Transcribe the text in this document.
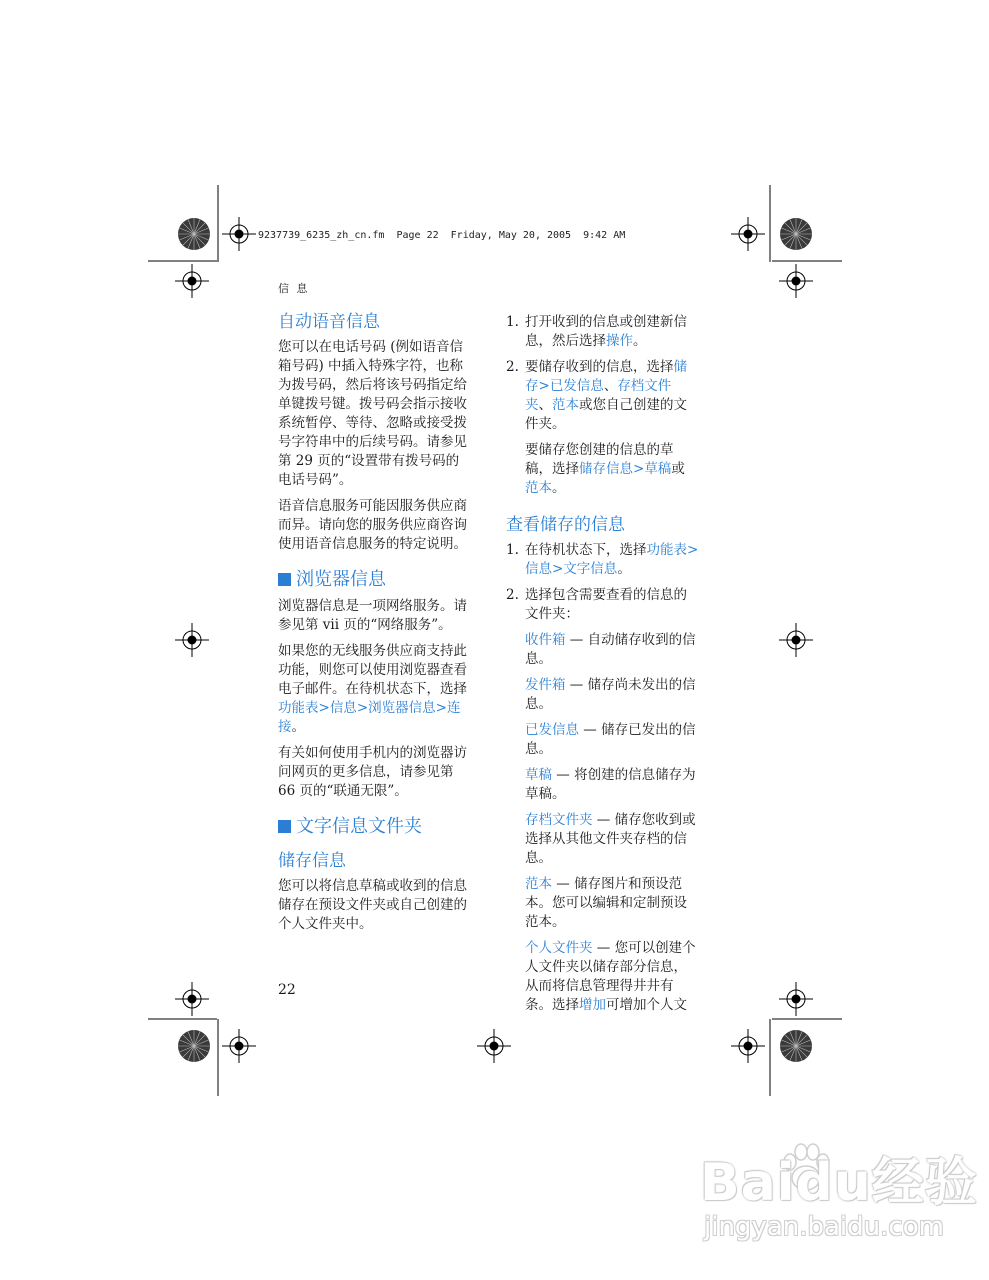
9237739_6235_zh_cn.fm  Page 22  Friday, May 20, 2005  9:42 AM
信 息
自动语音信息
您可以在电话号码 (例如语音信
箱号码) 中插入特殊字符，也称
为拨号码，然后将该号码指定给
单键拨号键。拨号码会指示接收
系统暂停、等待、忽略或接受拨
号字符串中的后续号码。请参见
第 29 页的“设置带有拨号码的
电话号码”。
语音信息服务可能因服务供应商
而异。请向您的服务供应商咨询
使用语音信息服务的特定说明。
浏览器信息
浏览器信息是一项网络服务。请
参见第 vii 页的“网络服务”。
如果您的无线服务供应商支持此
功能，则您可以使用浏览器查看
电子邮件。在待机状态下，选择
功能表>信息>浏览器信息>连
接。
有关如何使用手机内的浏览器访
问网页的更多信息，请参见第
66 页的“联通无限”。
文字信息文件夹
储存信息
您可以将信息草稿或收到的信息
储存在预设文件夹或自己创建的
个人文件夹中。
1. 打开收到的信息或创建新信
息，然后选择操作。
2. 要储存收到的信息，选择储
存>已发信息、存档文件
夹、范本或您自己创建的文
件夹。
要储存您创建的信息的草
稿，选择储存信息>草稿或
范本。
查看储存的信息
1. 在待机状态下，选择功能表>
信息>文字信息。
2. 选择包含需要查看的信息的
文件夹：
收件箱 — 自动储存收到的信
息。
发件箱 — 储存尚未发出的信
息。
已发信息 — 储存已发出的信
息。
草稿 — 将创建的信息储存为
草稿。
存档文件夹 — 储存您收到或
选择从其他文件夹存档的信
息。
范本 — 储存图片和预设范
本。您可以编辑和定制预设
范本。
个人文件夹 — 您可以创建个
人文件夹以储存部分信息，
从而将信息管理得井井有
条。选择增加可增加个人文
22
Baidu经验
jingyan.baidu.com
